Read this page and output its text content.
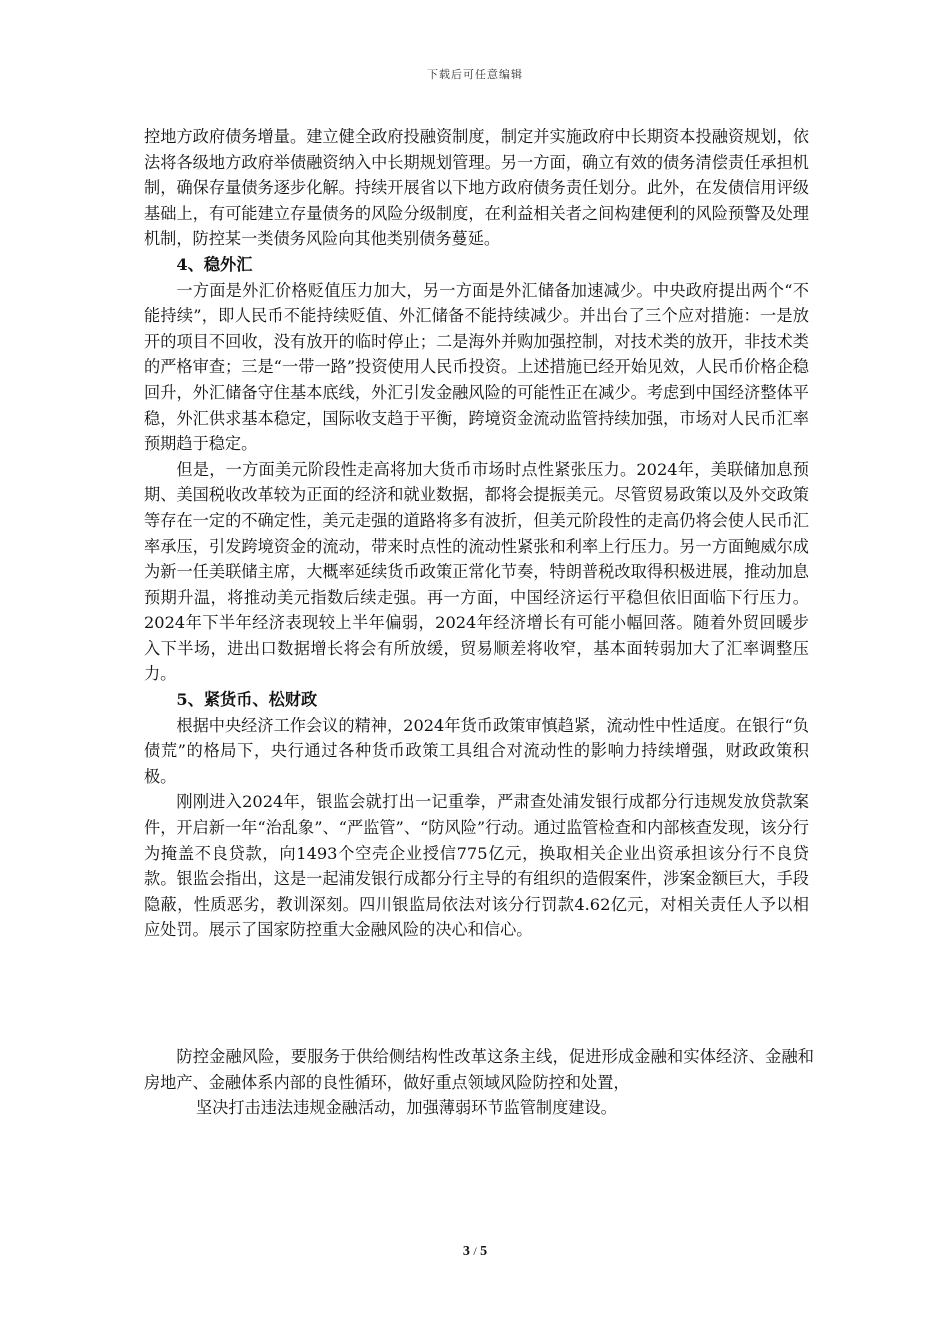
下载后可任意编辑

控地方政府债务增量。建立健全政府投融资制度，制定并实施政府中长期资本投融资规划，依法将各级地方政府举债融资纳入中长期规划管理。另一方面，确立有效的债务清偿责任承担机制，确保存量债务逐步化解。持续开展省以下地方政府债务责任划分。此外，在发债信用评级基础上，有可能建立存量债务的风险分级制度，在利益相关者之间构建便利的风险预警及处理机制，防控某一类债务风险向其他类别债务蔓延。

4、稳外汇

一方面是外汇价格贬值压力加大，另一方面是外汇储备加速减少。中央政府提出两个“不能持续”，即人民币不能持续贬值、外汇储备不能持续减少。并出台了三个应对措施：一是放开的项目不回收，没有放开的临时停止；二是海外并购加强控制，对技术类的放开，非技术类的严格审查；三是“一带一路”投资使用人民币投资。上述措施已经开始见效，人民币价格企稳回升，外汇储备守住基本底线，外汇引发金融风险的可能性正在减少。考虑到中国经济整体平稳，外汇供求基本稳定，国际收支趋于平衡，跨境资金流动监管持续加强，市场对人民币汇率预期趋于稳定。

但是，一方面美元阶段性走高将加大货币市场时点性紧张压力。2024年，美联储加息预期、美国税收改革较为正面的经济和就业数据，都将会提振美元。尽管贸易政策以及外交政策等存在一定的不确定性，美元走强的道路将多有波折，但美元阶段性的走高仍将会使人民币汇率承压，引发跨境资金的流动，带来时点性的流动性紧张和利率上行压力。另一方面鲍威尔成为新一任美联储主席，大概率延续货币政策正常化节奏，特朗普税改取得积极进展，推动加息预期升温，将推动美元指数后续走强。再一方面，中国经济运行平稳但依旧面临下行压力。2024年下半年经济表现较上半年偏弱，2024年经济增长有可能小幅回落。随着外贸回暖步入下半场，进出口数据增长将会有所放缓，贸易顺差将收窄，基本面转弱加大了汇率调整压力。

5、紧货币、松财政

根据中央经济工作会议的精神，2024年货币政策审慎趋紧，流动性中性适度。在银行“负债荒”的格局下，央行通过各种货币政策工具组合对流动性的影响力持续增强，财政政策积极。

刚刚进入2024年，银监会就打出一记重拳，严肃查处浦发银行成都分行违规发放贷款案件，开启新一年“治乱象”、“严监管”、“防风险”行动。通过监管检查和内部核查发现，该分行为掩盖不良贷款，向1493个空壳企业授信775亿元，换取相关企业出资承担该分行不良贷款。银监会指出，这是一起浦发银行成都分行主导的有组织的造假案件，涉案金额巨大，手段隐蔽，性质恶劣，教训深刻。四川银监局依法对该分行罚款4.62亿元，对相关责任人予以相应处罚。展示了国家防控重大金融风险的决心和信心。

防控金融风险，要服务于供给侧结构性改革这条主线，促进形成金融和实体经济、金融和房地产、金融体系内部的良性循环，做好重点领域风险防控和处置，
坚决打击违法违规金融活动，加强薄弱环节监管制度建设。
3 / 5
